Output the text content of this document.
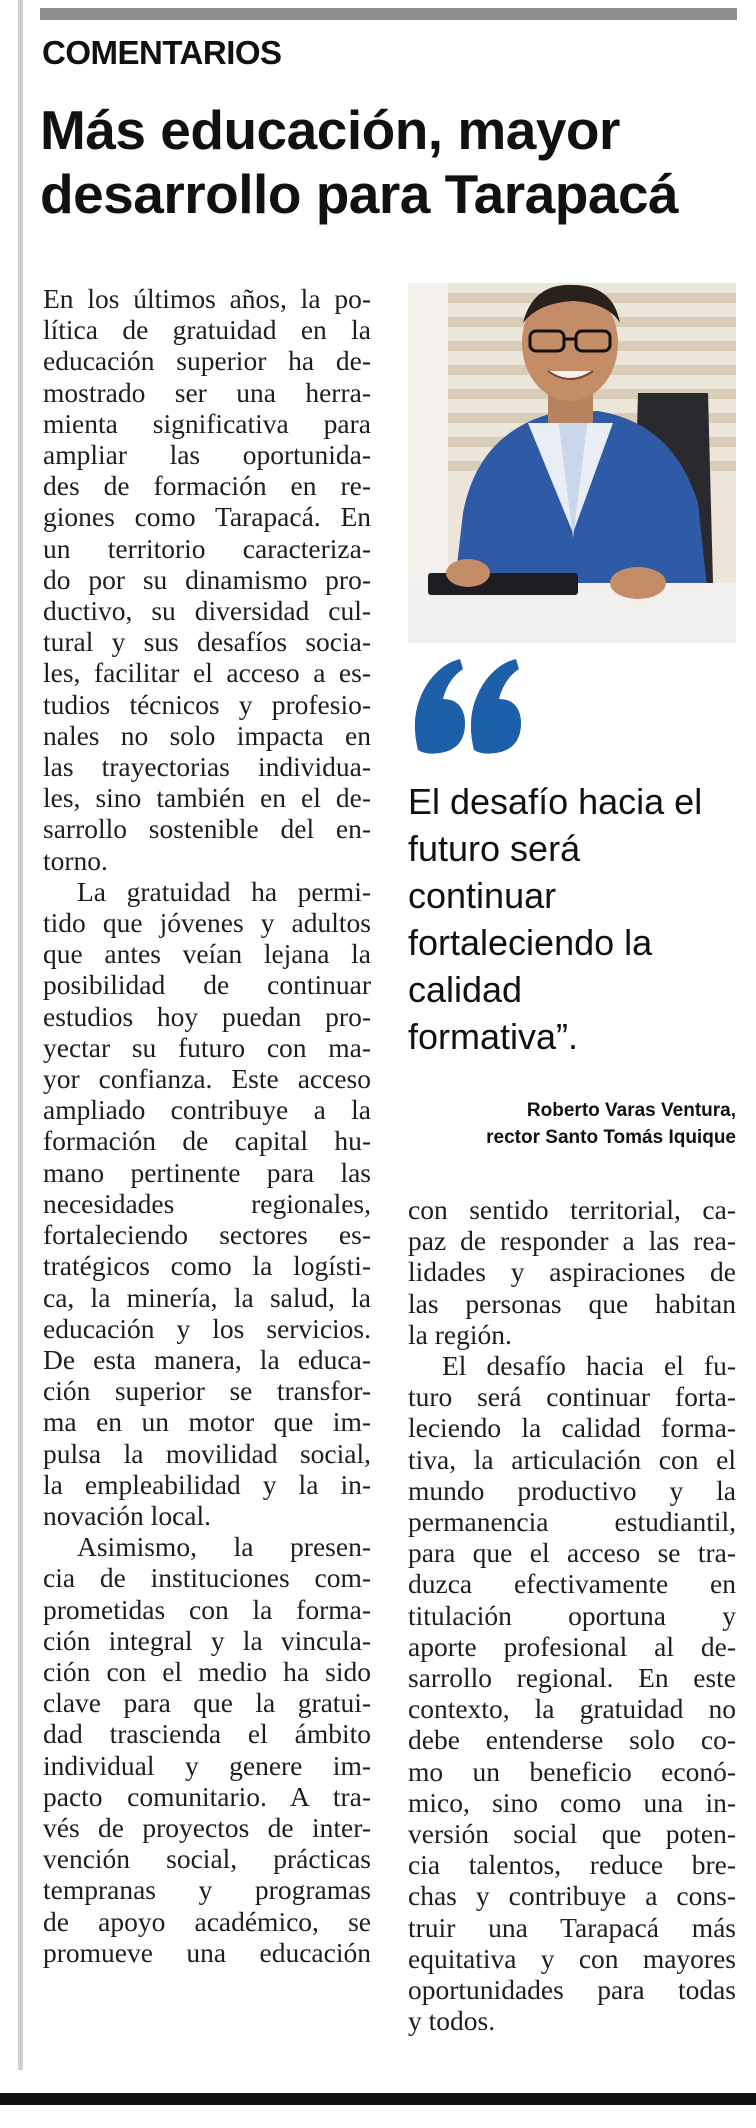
COMENTARIOS
Más educación, mayor
desarrollo para Tarapacá
En los últimos años, la po-
lítica de gratuidad en la
educación superior ha de-
mostrado ser una herra-
mienta significativa para
ampliar las oportunida-
des de formación en re-
giones como Tarapacá. En
un territorio caracteriza-
do por su dinamismo pro-
ductivo, su diversidad cul-
tural y sus desafíos socia-
les, facilitar el acceso a es-
tudios técnicos y profesio-
nales no solo impacta en
las trayectorias individua-
les, sino también en el de-
sarrollo sostenible del en-
torno.
La gratuidad ha permi-
tido que jóvenes y adultos
que antes veían lejana la
posibilidad de continuar
estudios hoy puedan pro-
yectar su futuro con ma-
yor confianza. Este acceso
ampliado contribuye a la
formación de capital hu-
mano pertinente para las
necesidades regionales,
fortaleciendo sectores es-
tratégicos como la logísti-
ca, la minería, la salud, la
educación y los servicios.
De esta manera, la educa-
ción superior se transfor-
ma en un motor que im-
pulsa la movilidad social,
la empleabilidad y la in-
novación local.
Asimismo, la presen-
cia de instituciones com-
prometidas con la forma-
ción integral y la vincula-
ción con el medio ha sido
clave para que la gratui-
dad trascienda el ámbito
individual y genere im-
pacto comunitario. A tra-
vés de proyectos de inter-
vención social, prácticas
tempranas y programas
de apoyo académico, se
promueve una educación
El desafío hacia el
futuro será
continuar
fortaleciendo la
calidad
formativa”.
Roberto Varas Ventura,
rector Santo Tomás Iquique
con sentido territorial, ca-
paz de responder a las rea-
lidades y aspiraciones de
las personas que habitan
la región.
El desafío hacia el fu-
turo será continuar forta-
leciendo la calidad forma-
tiva, la articulación con el
mundo productivo y la
permanencia estudiantil,
para que el acceso se tra-
duzca efectivamente en
titulación oportuna y
aporte profesional al de-
sarrollo regional. En este
contexto, la gratuidad no
debe entenderse solo co-
mo un beneficio econó-
mico, sino como una in-
versión social que poten-
cia talentos, reduce bre-
chas y contribuye a cons-
truir una Tarapacá más
equitativa y con mayores
oportunidades para todas
y todos.
